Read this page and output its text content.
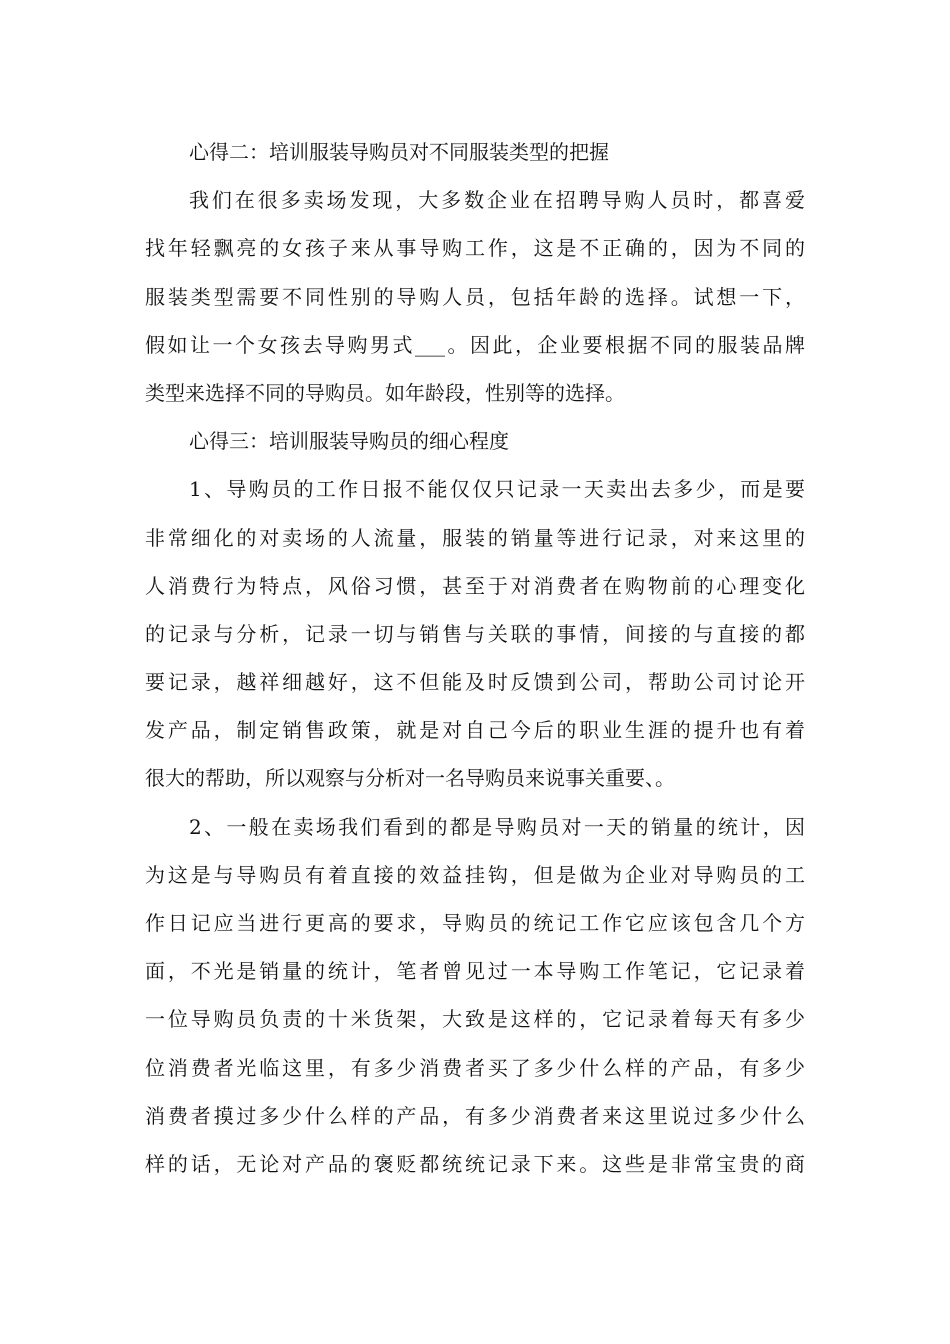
心得二：培训服装导购员对不同服装类型的把握
我们在很多卖场发现，大多数企业在招聘导购人员时，都喜爱
找年轻飘亮的女孩子来从事导购工作，这是不正确的，因为不同的
服装类型需要不同性别的导购人员，包括年龄的选择。试想一下，
假如让一个女孩去导购男式___。因此，企业要根据不同的服装品牌
类型来选择不同的导购员。如年龄段，性别等的选择。
心得三：培训服装导购员的细心程度
1、导购员的工作日报不能仅仅只记录一天卖出去多少，而是要
非常细化的对卖场的人流量，服装的销量等进行记录，对来这里的
人消费行为特点，风俗习惯，甚至于对消费者在购物前的心理变化
的记录与分析，记录一切与销售与关联的事情，间接的与直接的都
要记录，越祥细越好，这不但能及时反馈到公司，帮助公司讨论开
发产品，制定销售政策，就是对自己今后的职业生涯的提升也有着
很大的帮助，所以观察与分析对一名导购员来说事关重要、。
2、一般在卖场我们看到的都是导购员对一天的销量的统计，因
为这是与导购员有着直接的效益挂钩，但是做为企业对导购员的工
作日记应当进行更高的要求，导购员的统记工作它应该包含几个方
面，不光是销量的统计，笔者曾见过一本导购工作笔记，它记录着
一位导购员负责的十米货架，大致是这样的，它记录着每天有多少
位消费者光临这里，有多少消费者买了多少什么样的产品，有多少
消费者摸过多少什么样的产品，有多少消费者来这里说过多少什么
样的话，无论对产品的褒贬都统统记录下来。这些是非常宝贵的商
